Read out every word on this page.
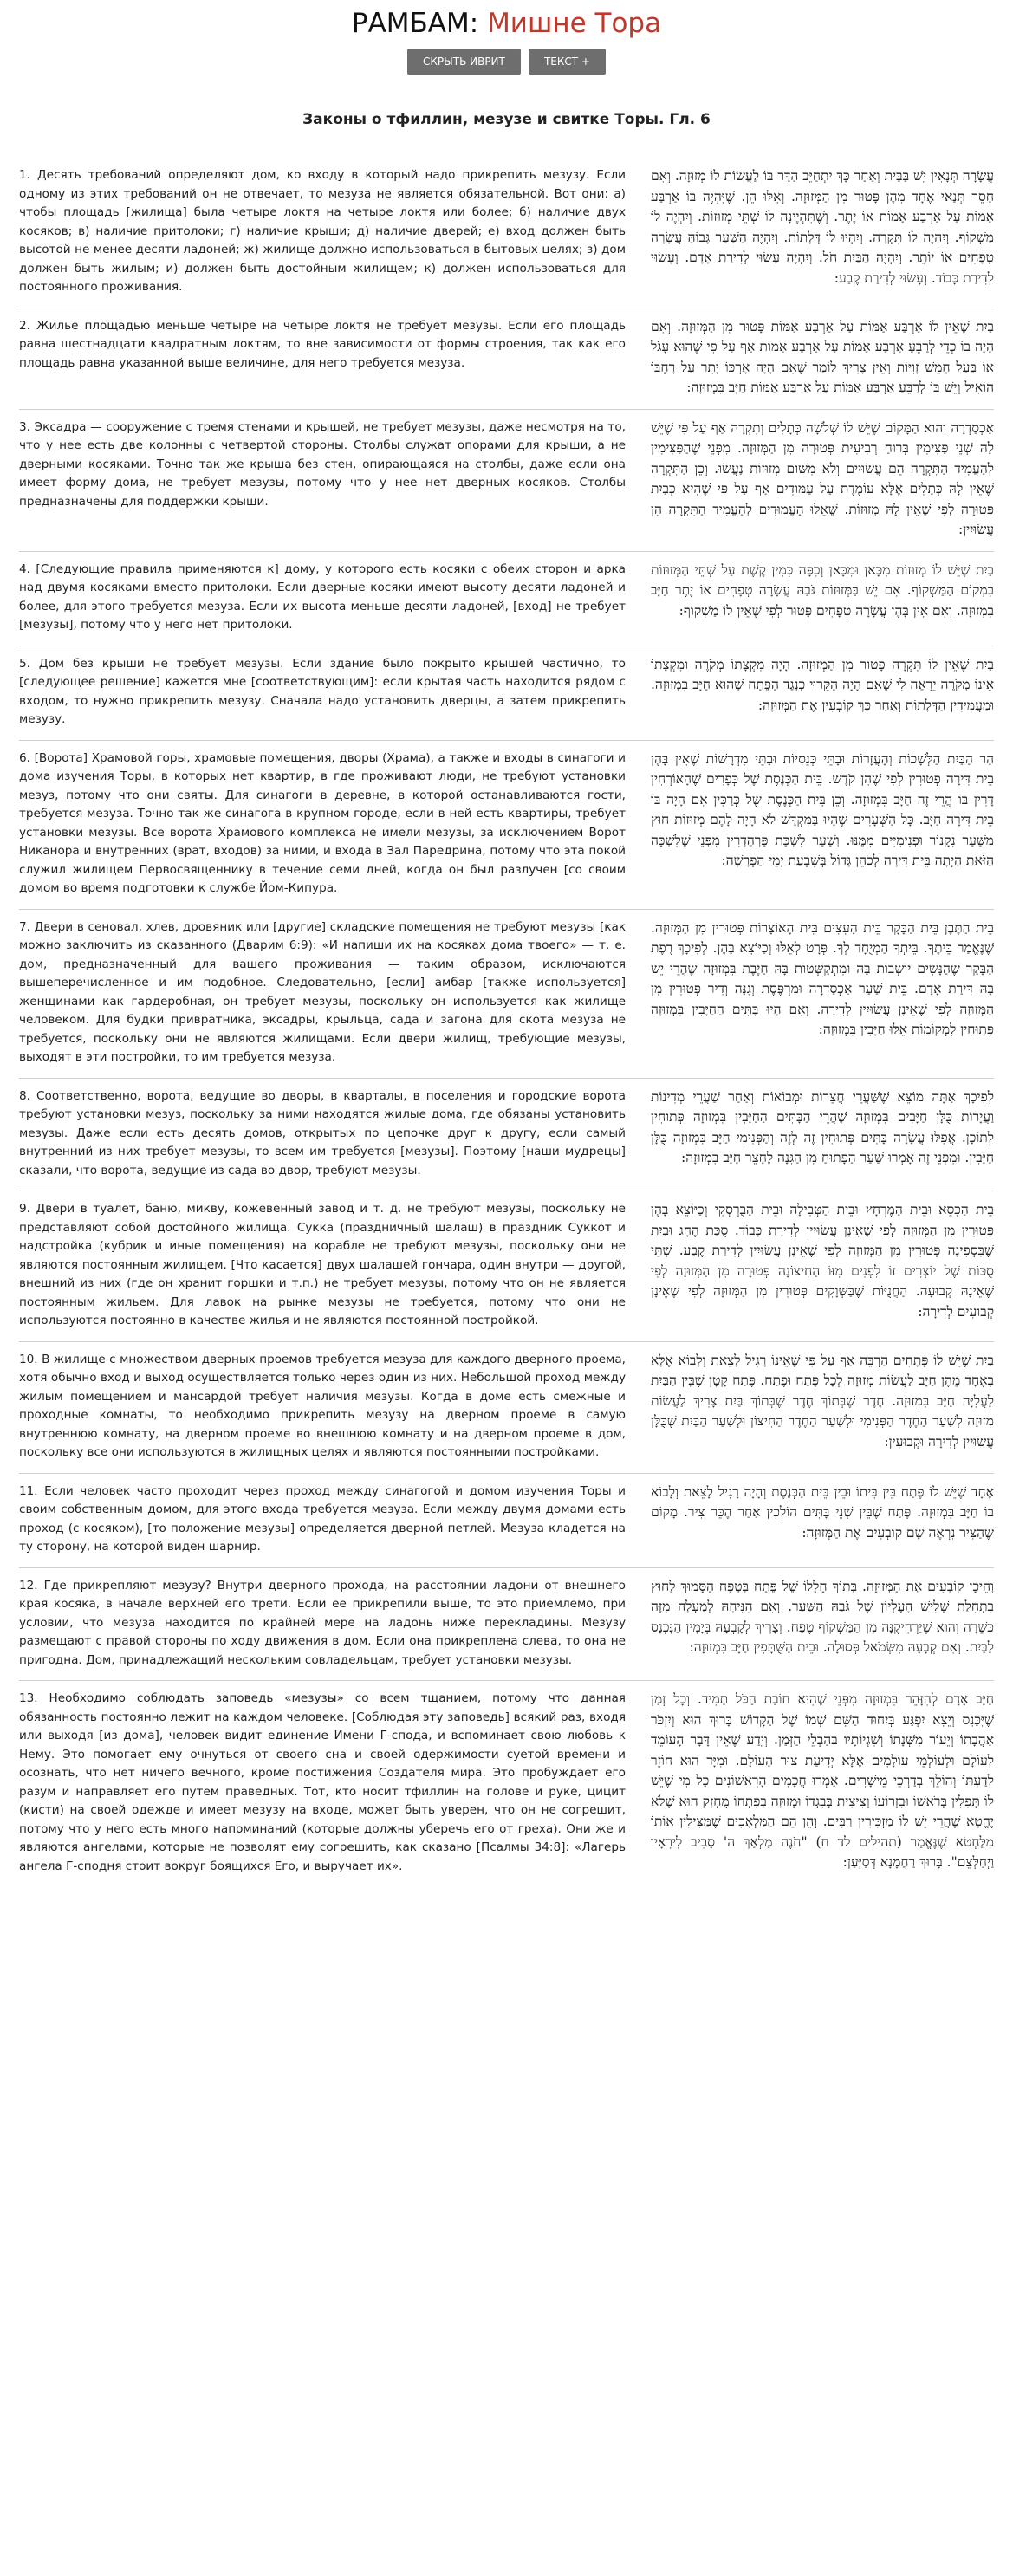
РАМБАМ: Мишне Тора
СКРЫТЬ ИВРИТ	ТЕКСТ +
Законы о тфиллин, мезузе и свитке Торы. Гл. 6
1. Десять требований определяют дом, ко входу в который надо прикрепить мезузу. Если одному из этих требований он не отвечает, то мезуза не является обязательной. Вот они: а) чтобы площадь [жилища] была четыре локтя на четыре локтя или более; б) наличие двух косяков; в) наличие притолоки; г) наличие крыши; д) наличие дверей; е) вход должен быть высотой не менее десяти ладоней; ж) жилище должно использоваться в бытовых целях; з) дом должен быть жилым; и) должен быть достойным жилищем; к) должен использоваться для постоянного проживания.
עֲשָׂרָה תְּנָאִין יֵשׁ בַּבַּיִת וְאַחַר כָּךְ יִתְחַיֵּב הַדָּר בּוֹ לַעֲשׂוֹת לוֹ מְזוּזָה. וְאִם חָסֵר תְּנַאי אֶחָד מִהֶן פָּטוּר מִן הַמְּזוּזָה. וְאֵלּוּ הֵן. שֶׁיִּהְיֶה בּוֹ אַרְבַּע אַמּוֹת עַל אַרְבַּע אַמּוֹת אוֹ יֶתֶר. וְשֶׁתִּהְיֶינָה לוֹ שְׁתֵּי מְזוּזוֹת. וְיִהְיֶה לוֹ מַשְׁקוֹף. וְיִהְיֶה לוֹ תִּקְרָה. וְיִהְיוּ לוֹ דְּלָתוֹת. וְיִהְיֶה הַשַּׁעַר גָּבוֹהַּ עֲשָׂרָה טְפָחִים אוֹ יוֹתֵר. וְיִהְיֶה הַבַּיִת חֹל. וְיִהְיֶה עָשׂוּי לְדִירַת אָדָם. וְעָשׂוּי לְדִירַת כָּבוֹד. וְעָשׂוּי לְדִירַת קֶבַע:
2. Жилье площадью меньше четыре на четыре локтя не требует мезузы. Если его площадь равна шестнадцати квадратным локтям, то вне зависимости от формы строения, так как его площадь равна указанной выше величине, для него требуется мезуза.
בַּיִת שֶׁאֵין לוֹ אַרְבַּע אַמּוֹת עַל אַרְבַּע אַמּוֹת פָּטוּר מִן הַמְּזוּזָה. וְאִם הָיָה בּוֹ כְּדֵי לְרַבֵּעַ אַרְבַּע אַמּוֹת עַל אַרְבַּע אַמּוֹת אַף עַל פִּי שֶׁהוּא עָגֹל אוֹ בַּעַל חָמֵשׁ זָוִיּוֹת וְאֵין צָרִיךְ לוֹמַר שֶׁאִם הָיָה אָרְכּוֹ יָתֵר עַל רָחְבּוֹ הוֹאִיל וְיֵשׁ בּוֹ לְרַבֵּעַ אַרְבַּע אַמּוֹת עַל אַרְבַּע אַמּוֹת חַיָּב בִּמְזוּזָה:
3. Эксадра — сооружение с тремя стенами и крышей, не требует мезузы, даже несмотря на то, что у нее есть две колонны с четвертой стороны. Столбы служат опорами для крыши, а не дверными косяками. Точно так же крыша без стен, опирающаяся на столбы, даже если она имеет форму дома, не требует мезузы, потому что у нее нет дверных косяков. Столбы предназначены для поддержки крыши.
אַכְסַדְרָה וְהוּא הַמָּקוֹם שֶׁיֵּשׁ לוֹ שְׁלֹשָׁה כְּתָלִים וְתִקְרָה אַף עַל פִּי שֶׁיֵּשׁ לָהּ שְׁנֵי פַּצִּימִין בְּרוּחַ רְבִיעִית פְּטוּרָה מִן הַמְּזוּזָה. מִפְּנֵי שֶׁהַפַּצִּימִין לְהַעֲמִיד הַתִּקְרָה הֵם עֲשׂוּיִים וְלֹא מִשּׁוּם מְזוּזוֹת נַעֲשׂוּ. וְכֵן הַתִּקְרָה שֶׁאֵין לָהּ כְּתָלִים אֶלָּא עוֹמֶדֶת עַל עַמּוּדִים אַף עַל פִּי שֶׁהִיא כְּבַיִת פְּטוּרָה לְפִי שֶׁאֵין לָהּ מְזוּזוֹת. שֶׁאֵלּוּ הָעֲמוּדִים לְהַעֲמִיד הַתִּקְרָה הֵן עֲשׂוּיִין:
4. [Следующие правила применяются к] дому, у которого есть косяки с обеих сторон и арка над двумя косяками вместо притолоки. Если дверные косяки имеют высоту десяти ладоней и более, для этого требуется мезуза. Если их высота меньше десяти ладоней, [вход] не требует [мезузы], потому что у него нет притолоки.
בַּיִת שֶׁיֵּשׁ לוֹ מְזוּזוֹת מִכָּאן וּמִכָּאן וְכִפָּה כְּמִין קֶשֶׁת עַל שְׁתֵּי הַמְּזוּזוֹת בִּמְקוֹם הַמַּשְׁקוֹף. אִם יֵשׁ בַּמְּזוּזוֹת גֹּבַהּ עֲשָׂרָה טְפָחִים אוֹ יֶתֶר חַיָּב בִּמְזוּזָה. וְאִם אֵין בָּהֶן עֲשָׂרָה טְפָחִים פָּטוּר לְפִי שֶׁאֵין לוֹ מַשְׁקוֹף:
5. Дом без крыши не требует мезузы. Если здание было покрыто крышей частично, то [следующее решение] кажется мне [соответствующим]: если крытая часть находится рядом с входом, то нужно прикрепить мезузу. Сначала надо установить дверцы, а затем прикрепить мезузу.
בַּיִת שֶׁאֵין לוֹ תִּקְרָה פָּטוּר מִן הַמְּזוּזָה. הָיָה מִקְצָתוֹ מְקֹרֶה וּמִקְצָתוֹ אֵינוֹ מְקֹרֶה יֵרָאֶה לִי שֶׁאִם הָיָה הַקֵּרוּי כְּנֶגֶד הַפֶּתַח שֶׁהוּא חַיָּב בִּמְזוּזָה. וּמַעֲמִידִין הַדְּלָתוֹת וְאַחַר כָּךְ קוֹבְעִין אֶת הַמְּזוּזָה:
6. [Ворота] Храмовой горы, храмовые помещения, дворы (Храма), а также и входы в синагоги и дома изучения Торы, в которых нет квартир, в где проживают люди, не требуют установки мезуз, потому что они святы. Для синагоги в деревне, в которой останавливаются гости, требуется мезуза. Точно так же синагога в крупном городе, если в ней есть квартиры, требует установки мезузы. Все ворота Храмового комплекса не имели мезузы, за исключением Ворот Никанора и внутренних (врат, входов) за ними, и входа в Зал Паредрина, потому что эта покой служил жилищем Первосвященнику в течение семи дней, когда он был разлучен [со своим домом во время подготовки к службе Йом-Кипура.
הַר הַבַּיִת הַלְּשָׁכוֹת וְהָעֲזָרוֹת וּבָתֵּי כְּנֵסִיּוֹת וּבָתֵּי מִדְרָשׁוֹת שֶׁאֵין בָּהֶן בֵּית דִּירָה פְּטוּרִין לְפִי שֶׁהֵן קֹדֶשׁ. בֵּית הַכְּנֶסֶת שֶׁל כְּפָרִים שֶׁהָאוֹרְחִין דָּרִין בּוֹ הֲרֵי זֶה חַיָּב בִּמְזוּזָה. וְכֵן בֵּית הַכְּנֶסֶת שֶׁל כְּרַכִּין אִם הָיָה בּוֹ בֵּית דִּירָה חַיָּב. כָּל הַשְּׁעָרִים שֶׁהָיוּ בַּמִּקְדָּשׁ לֹא הָיָה לָהֶם מְזוּזוֹת חוּץ מִשַּׁעַר נִקָנוֹר וּפְנִימִיִּים מִמֶּנּוּ. וְשַׁעַר לִשְׁכַּת פַּרְהֶדְרִין מִפְּנֵי שֶׁלִּשְׁכָּה הַזֹּאת הָיְתָה בֵּית דִּירָה לְכֹהֵן גָּדוֹל בְּשִׁבְעַת יְמֵי הַפְרָשָׁה:
7. Двери в сеновал, хлев, дровяник или [другие] складские помещения не требуют мезузы [как можно заключить из сказанного (Дварим 6:9): «И напиши их на косяках дома твоего» — т. е. дом, предназначенный для вашего проживания — таким образом, исключаются вышеперечисленное и им подобное. Следовательно, [если] амбар [также используется] женщинами как гардеробная, он требует мезузы, поскольку он используется как жилище человеком. Для будки привратника, эксадры, крыльца, сада и загона для скота мезуза не требуется, поскольку они не являются жилищами. Если двери жилищ, требующие мезузы, выходят в эти постройки, то им требуется мезуза.
בֵּית הַתֶּבֶן בֵּית הַבָּקָר בֵּית הָעֵצִים בֵּית הָאוֹצָרוֹת פְּטוּרִין מִן הַמְּזוּזָה. שֶׁנֶּאֱמַר בֵּיתֶךָ. בֵּיתְךָ הַמְיֻחָד לְךָ. פְּרָט לְאֵלּוּ וְכַיּוֹצֵא בָּהֶן. לְפִיכָךְ רֶפֶת הַבָּקָר שֶׁהַנָּשִׁים יוֹשְׁבוֹת בָּהּ וּמִתְקַשְּׁטוֹת בָּהּ חַיֶּבֶת בִּמְזוּזָה שֶׁהֲרֵי יֵשׁ בָּהּ דִּירַת אָדָם. בֵּית שַׁעַר אַכְסַדְרָה וּמִרְפֶּסֶת וְגִנָּה וְדִיר פְּטוּרִין מִן הַמְּזוּזָה לְפִי שֶׁאֵינָן עֲשׂוּיִין לְדִירָה. וְאִם הָיוּ בָּתִּים הַחַיָּבִין בִּמְזוּזָה פְּתוּחִין לִמְקוֹמוֹת אֵלּוּ חַיָּבִין בִּמְזוּזָה:
8. Соответственно, ворота, ведущие во дворы, в кварталы, в поселения и городские ворота требуют установки мезуз, поскольку за ними находятся жилые дома, где обязаны установить мезузы. Даже если есть десять домов, открытых по цепочке друг к другу, если самый внутренний из них требует мезузы, то всем им требуется [мезузы]. Поэтому [наши мудрецы] сказали, что ворота, ведущие из сада во двор, требуют мезузы.
לְפִיכָךְ אַתָּה מוֹצֵא שֶׁשַּׁעֲרֵי חֲצֵרוֹת וּמְבוֹאוֹת וְאַחַר שַׁעֲרֵי מְדִינוֹת וַעֲיָרוֹת כֻּלָּן חַיָּבִים בִּמְזוּזָה שֶׁהֲרֵי הַבָּתִּים הַחַיָּבִין בִּמְזוּזָה פְּתוּחִין לְתוֹכָן. אֲפִלּוּ עֲשָׂרָה בָּתִּים פְּתוּחִין זֶה לְזֶה וְהַפְּנִימִי חַיָּב בִּמְזוּזָה כֻּלָּן חַיָּבִין. וּמִפְּנֵי זֶה אָמְרוּ שַׁעַר הַפָּתוּחַ מִן הַגִּנָּה לֶחָצֵר חַיָּב בִּמְזוּזָה:
9. Двери в туалет, баню, микву, кожевенный завод и т. д. не требуют мезузы, поскольку не представляют собой достойного жилища. Сукка (праздничный шалаш) в праздник Суккот и надстройка (кубрик и иные помещения) на корабле не требуют мезузы, поскольку они не являются постоянным жилищем. [Что касается] двух шалашей гончара, один внутри — другой, внешний из них (где он хранит горшки и т.п.) не требует мезузы, потому что он не является постоянным жильем. Для лавок на рынке мезузы не требуется, потому что они не используются постоянно в качестве жилья и не являются постоянной постройкой.
בֵּית הַכִּסֵּא וּבֵית הַמֶּרְחָץ וּבֵית הַטְּבִילָה וּבֵית הַבֻּרְסְקִי וְכַיּוֹצֵא בָּהֶן פְּטוּרִין מִן הַמְּזוּזָה לְפִי שֶׁאֵינָן עֲשׂוּיִין לְדִירַת כָּבוֹד. סֻכַּת הֶחָג וּבַיִת שֶׁבִּסְפִינָה פְּטוּרִין מִן הַמְּזוּזָה לְפִי שֶׁאֵינָן עֲשׂוּיִין לְדִירַת קֶבַע. שְׁתֵּי סֻכּוֹת שֶׁל יוֹצְרִים זוֹ לִפְנִים מִזּוֹ הַחִיצוֹנָה פְּטוּרָה מִן הַמְּזוּזָה לְפִי שֶׁאֵינָהּ קְבוּעָה. הַחֲנֻיּוֹת שֶׁבַּשְּׁוָקִים פְּטוּרִין מִן הַמְּזוּזָה לְפִי שֶׁאֵינָן קְבוּעִים לְדִירָה:
10. В жилище с множеством дверных проемов требуется мезуза для каждого дверного проема, хотя обычно вход и выход осуществляется только через один из них. Небольшой проход между жилым помещением и мансардой требует наличия мезузы. Когда в доме есть смежные и проходные комнаты, то необходимо прикрепить мезузу на дверном проеме в самую внутреннюю комнату, на дверном проеме во внешнюю комнату и на дверном проеме в дом, поскольку все они используются в жилищных целях и являются постоянными постройками.
בַּיִת שֶׁיֵּשׁ לוֹ פְּתָחִים הַרְבֵּה אַף עַל פִּי שֶׁאֵינוֹ רָגִיל לָצֵאת וְלָבוֹא אֶלָּא בְּאֶחָד מֵהֶן חַיָּב לַעֲשׂוֹת מְזוּזָה לְכָל פֶּתַח וּפֶתַח. פֶּתַח קָטָן שֶׁבֵּין הַבַּיִת לָעֲלִיָּה חַיָּב בִּמְזוּזָה. חֶדֶר שֶׁבְּתוֹךְ חֶדֶר שֶׁבְּתוֹךְ בַּיִת צָרִיךְ לַעֲשׂוֹת מְזוּזָה לְשַׁעַר הַחֶדֶר הַפְּנִימִי וּלְשַׁעַר הַחֶדֶר הַחִיצוֹן וּלְשַׁעַר הַבַּיִת שֶׁכֻּלָּן עֲשׂוּיִין לְדִירָה וּקְבוּעִין:
11. Если человек часто проходит через проход между синагогой и домом изучения Торы и своим собственным домом, для этого входа требуется мезуза. Если между двумя домами есть проход (с косяком), [то положение мезузы] определяется дверной петлей. Мезуза кладется на ту сторону, на которой виден шарнир.
אֶחָד שֶׁיֵּשׁ לוֹ פֶּתַח בֵּין בֵּיתוֹ וּבֵין בֵּית הַכְּנֶסֶת וְהָיָה רָגִיל לָצֵאת וְלָבוֹא בּוֹ חַיָּב בִּמְזוּזָה. פֶּתַח שֶׁבֵּין שְׁנֵי בָּתִּים הוֹלְכִין אַחַר הֶכֵּר צִיר. מָקוֹם שֶׁהַצִּיר נִרְאֶה שָׁם קוֹבְעִים אֶת הַמְּזוּזָה:
12. Где прикрепляют мезузу? Внутри дверного прохода, на расстоянии ладони от внешнего края косяка, в начале верхней его трети. Если ее прикрепили выше, то это приемлемо, при условии, что мезуза находится по крайней мере на ладонь ниже перекладины. Мезузу размещают с правой стороны по ходу движения в дом. Если она прикреплена слева, то она не пригодна. Дом, принадлежащий нескольким совладельцам, требует установки мезузы.
וְהֵיכָן קוֹבְעִים אֶת הַמְּזוּזָה. בְּתוֹךְ חָלָלוֹ שֶׁל פֶּתַח בְּטֶפַח הַסָּמוּךְ לַחוּץ בִּתְחִלַּת שְׁלִישׁ הָעֶלְיוֹן שֶׁל גֹּבַהּ הַשַּׁעַר. וְאִם הִנִּיחָהּ לְמַעְלָה מִזֶּה כְּשֵׁרָה וְהוּא שֶׁיַּרְחִיקֶנָּה מִן הַמַּשְׁקוֹף טֶפַח. וְצָרִיךְ לְקָבְעָהּ בְּיָמִין הַנִּכְנָס לַבַּיִת. וְאִם קְבָעָהּ מִשְּׂמֹאל פְּסוּלָה. וּבֵית הַשֻּׁתָּפִין חַיָּב בִּמְזוּזָה:
13. Необходимо соблюдать заповедь «мезузы» со всем тщанием, потому что данная обязанность постоянно лежит на каждом человеке. [Соблюдая эту заповедь] всякий раз, входя или выходя [из дома], человек видит единение Имени Г-спода, и вспоминает свою любовь к Нему. Это помогает ему очнуться от своего сна и своей одержимости суетой времени и осознать, что нет ничего вечного, кроме постижения Создателя мира. Это пробуждает его разум и направляет его путем праведных. Тот, кто носит тфиллин на голове и руке, цицит (кисти) на своей одежде и имеет мезузу на входе, может быть уверен, что он не согрешит, потому что у него есть много напоминаний (которые должны уберечь его от греха). Они же и являются ангелами, которые не позволят ему согрешить, как сказано [Псалмы 34:8]: «Лагерь ангела Г-сподня стоит вокруг боящихся Его, и выручает их».
חַיָּב אָדָם לְהִזָּהֵר בִּמְזוּזָה מִפְּנֵי שֶׁהִיא חוֹבַת הַכֹּל תָּמִיד. וְכָל זְמַן שֶׁיִּכָּנֵס וְיֵצֵא יִפְגַּע בְּיִחוּד הַשֵּׁם שְׁמוֹ שֶׁל הַקָּדוֹשׁ בָּרוּךְ הוּא וְיִזְכֹּר אַהֲבָתוֹ וְיֵעוֹר מִשְּׁנָתוֹ וְשִׁגְיוֹתָיו בְּהַבְלֵי הַזְּמַן. וְיֵדַע שֶׁאֵין דָּבָר הָעוֹמֵד לְעוֹלָם וּלְעוֹלְמֵי עוֹלָמִים אֶלָּא יְדִיעַת צוּר הָעוֹלָם. וּמִיָּד הוּא חוֹזֵר לְדַעְתּוֹ וְהוֹלֵךְ בְּדַרְכֵי מֵישָׁרִים. אָמְרוּ חֲכָמִים הָרִאשׁוֹנִים כָּל מִי שֶׁיֵּשׁ לוֹ תְּפִלִּין בְּרֹאשׁוֹ וּבִזְרוֹעוֹ וְצִיצִית בְּבִגְדוֹ וּמְזוּזָה בְּפִתְחוֹ מֻחְזָק הוּא שֶׁלֹּא יֶחֱטָא שֶׁהֲרֵי יֵשׁ לוֹ מַזְכִּירִין רַבִּים. וְהֵן הֵם הַמַּלְאָכִים שֶׁמַּצִּילִין אוֹתוֹ מִלַּחְטֹא שֶׁנֶּאֱמַר (תהילים לד ח) "חֹנֶה מַלְאַךְ ה' סָבִיב לִירֵאָיו וַיְחַלְּצֵם". בָּרוּךְ רַחֲמָנָא דְּסַיְּעַן:
